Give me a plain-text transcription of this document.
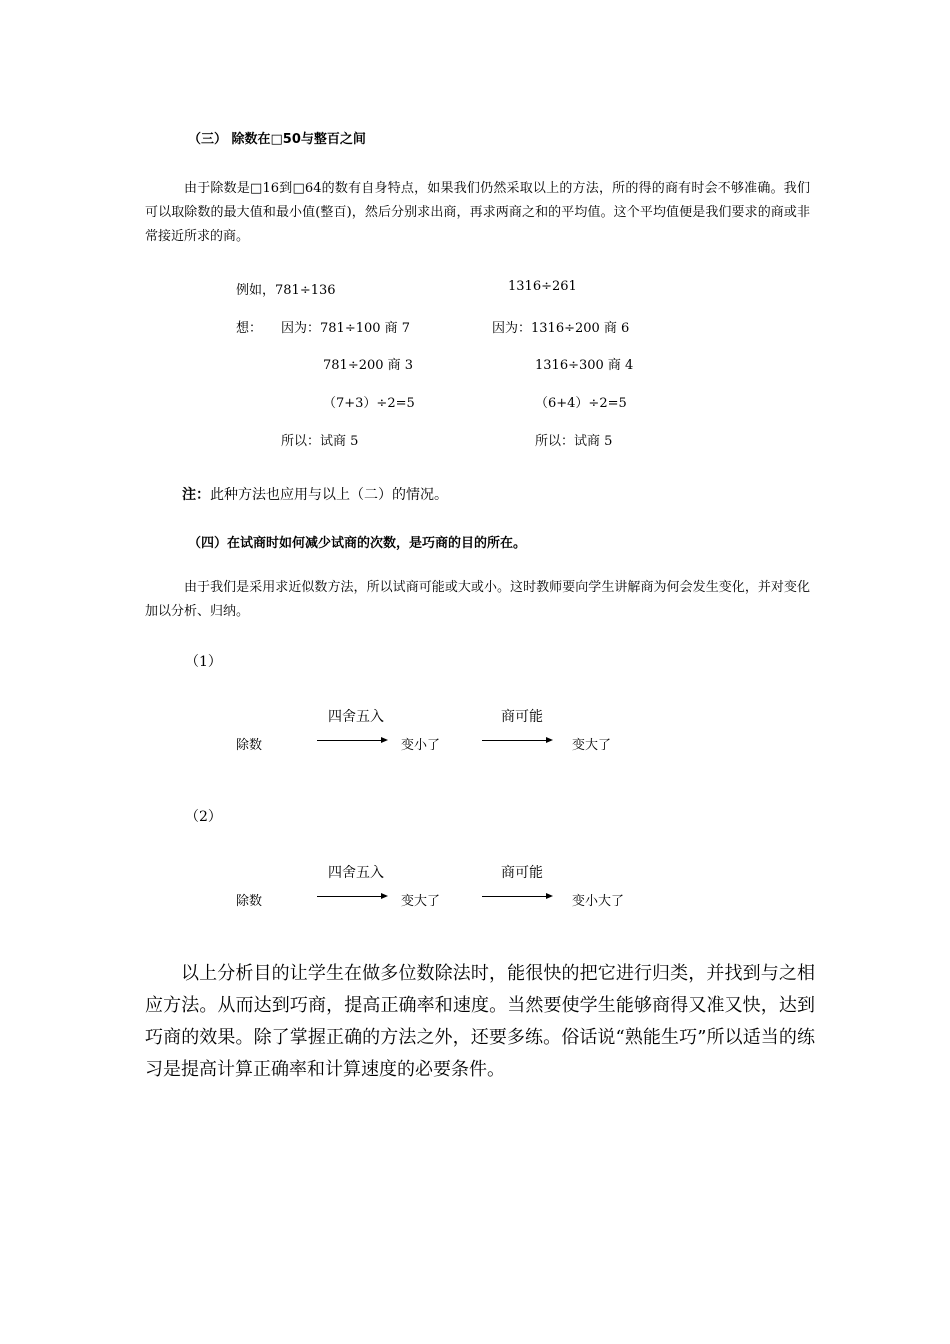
（三） 除数在□50与整百之间
由于除数是□16到□64的数有自身特点，如果我们仍然采取以上的方法，所的得的商有时会不够准确。我们可以取除数的最大值和最小值(整百)，然后分别求出商，再求两商之和的平均值。这个平均值便是我们要求的商或非常接近所求的商。
例如，781÷136	1316÷261
想： 因为：781÷100 商 7	因为：1316÷200 商 6
781÷200 商 3	1316÷300 商 4
（7+3）÷2=5	（6+4）÷2=5
所以：试商 5	所以：试商 5
注：此种方法也应用与以上（二）的情况。
（四）在试商时如何减少试商的次数，是巧商的目的所在。
由于我们是采用求近似数方法，所以试商可能或大或小。这时教师要向学生讲解商为何会发生变化，并对变化加以分析、归纳。
（1）
四舍五入	商可能
除数	变小了	变大了
（2）
四舍五入	商可能
除数	变大了	变小大了
以上分析目的让学生在做多位数除法时，能很快的把它进行归类，并找到与之相应方法。从而达到巧商，提高正确率和速度。当然要使学生能够商得又准又快，达到巧商的效果。除了掌握正确的方法之外，还要多练。俗话说“熟能生巧”所以适当的练习是提高计算正确率和计算速度的必要条件。
